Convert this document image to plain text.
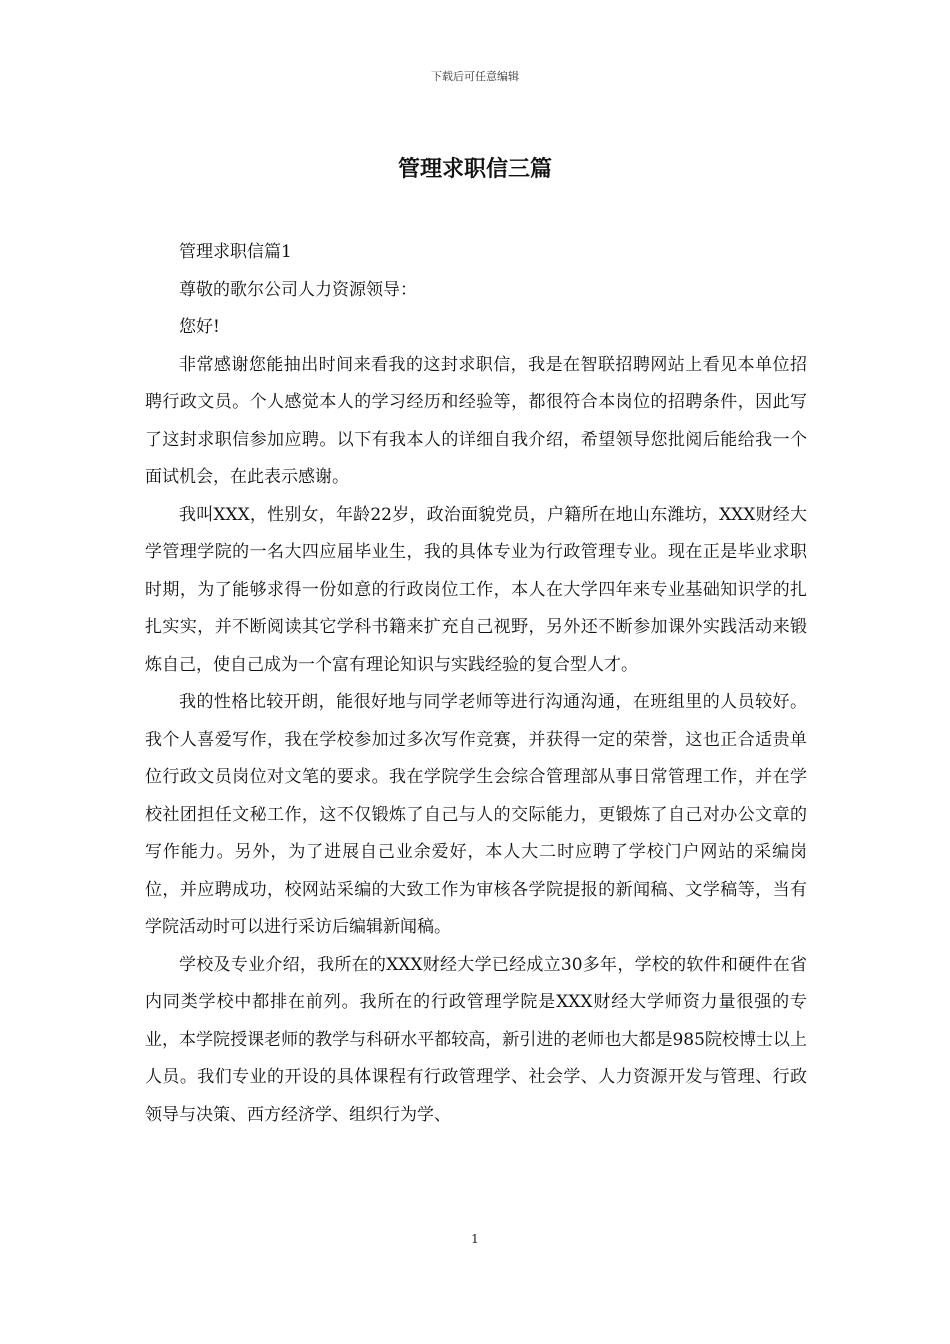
下载后可任意编辑
管理求职信三篇

管理求职信篇1

尊敬的歌尔公司人力资源领导：

您好!

非常感谢您能抽出时间来看我的这封求职信，我是在智联招聘网站上看见本单位招聘行政文员。个人感觉本人的学习经历和经验等，都很符合本岗位的招聘条件，因此写了这封求职信参加应聘。以下有我本人的详细自我介绍，希望领导您批阅后能给我一个面试机会，在此表示感谢。

我叫XXX，性别女，年龄22岁，政治面貌党员，户籍所在地山东潍坊，XXX财经大学管理学院的一名大四应届毕业生，我的具体专业为行政管理专业。现在正是毕业求职时期，为了能够求得一份如意的行政岗位工作，本人在大学四年来专业基础知识学的扎扎实实，并不断阅读其它学科书籍来扩充自己视野，另外还不断参加课外实践活动来锻炼自己，使自己成为一个富有理论知识与实践经验的复合型人才。

我的性格比较开朗，能很好地与同学老师等进行沟通沟通，在班组里的人员较好。我个人喜爱写作，我在学校参加过多次写作竞赛，并获得一定的荣誉，这也正合适贵单位行政文员岗位对文笔的要求。我在学院学生会综合管理部从事日常管理工作，并在学校社团担任文秘工作，这不仅锻炼了自己与人的交际能力，更锻炼了自己对办公文章的写作能力。另外，为了进展自己业余爱好，本人大二时应聘了学校门户网站的采编岗位，并应聘成功，校网站采编的大致工作为审核各学院提报的新闻稿、文学稿等，当有学院活动时可以进行采访后编辑新闻稿。

学校及专业介绍，我所在的XXX财经大学已经成立30多年，学校的软件和硬件在省内同类学校中都排在前列。我所在的行政管理学院是XXX财经大学师资力量很强的专业，本学院授课老师的教学与科研水平都较高，新引进的老师也大都是985院校博士以上人员。我们专业的开设的具体课程有行政管理学、社会学、人力资源开发与管理、行政领导与决策、西方经济学、组织行为学、

1
